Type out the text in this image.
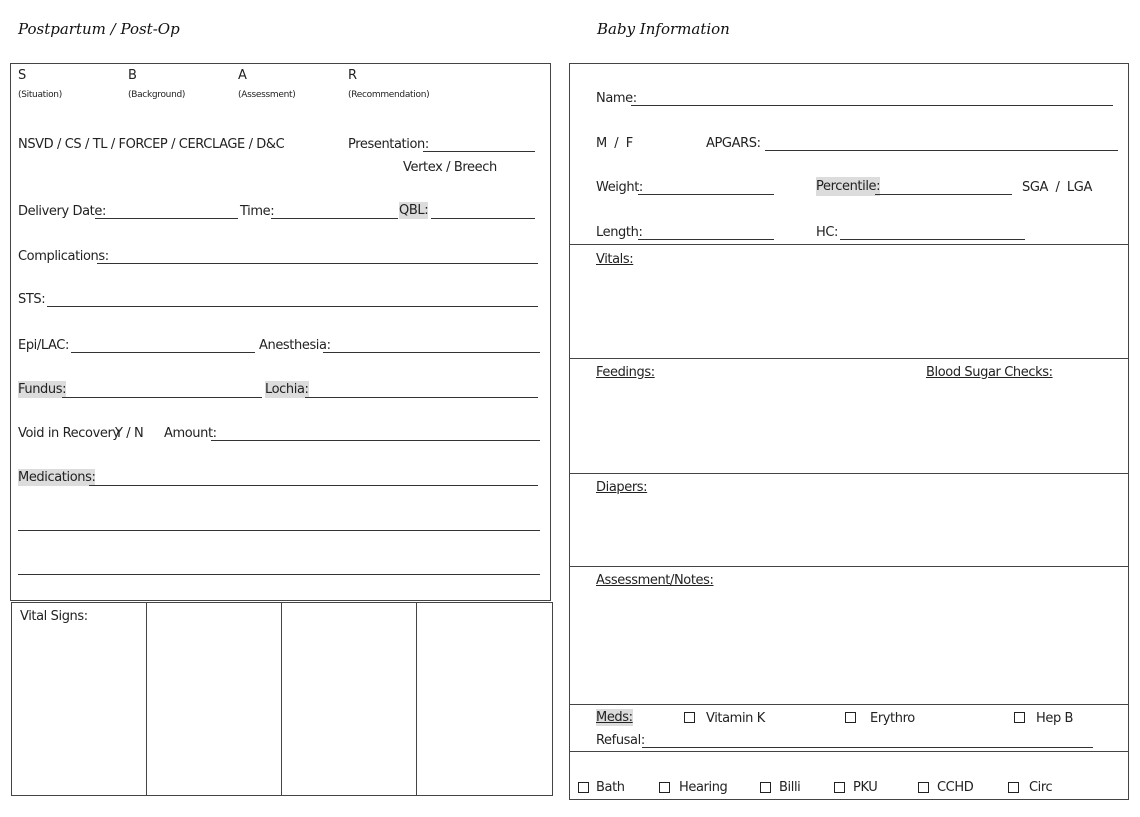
Postpartum / Post-Op
S
(Situation)
B
(Background)
A
(Assessment)
R
(Recommendation)
NSVD / CS / TL / FORCEP / CERCLAGE / D&C	Presentation:
Vertex / Breech
Delivery Date:	Time:	QBL:
Complications:
STS:
Epi/LAC:	Anesthesia:
Fundus:	Lochia:
Void in Recovery
Y / N Amount:
Medications:
Vital Signs:
Baby Information
Name:
M  /  F	APGARS:
Weight:	Percentile:	SGA  /  LGA
Length:	HC:
Vitals:
Feedings:	Blood Sugar Checks:
Diapers:
Assessment/Notes:
Meds:	Vitamin K	Erythro	Hep B
Refusal:
Bath	Hearing	Billi	PKU	CCHD	Circ
